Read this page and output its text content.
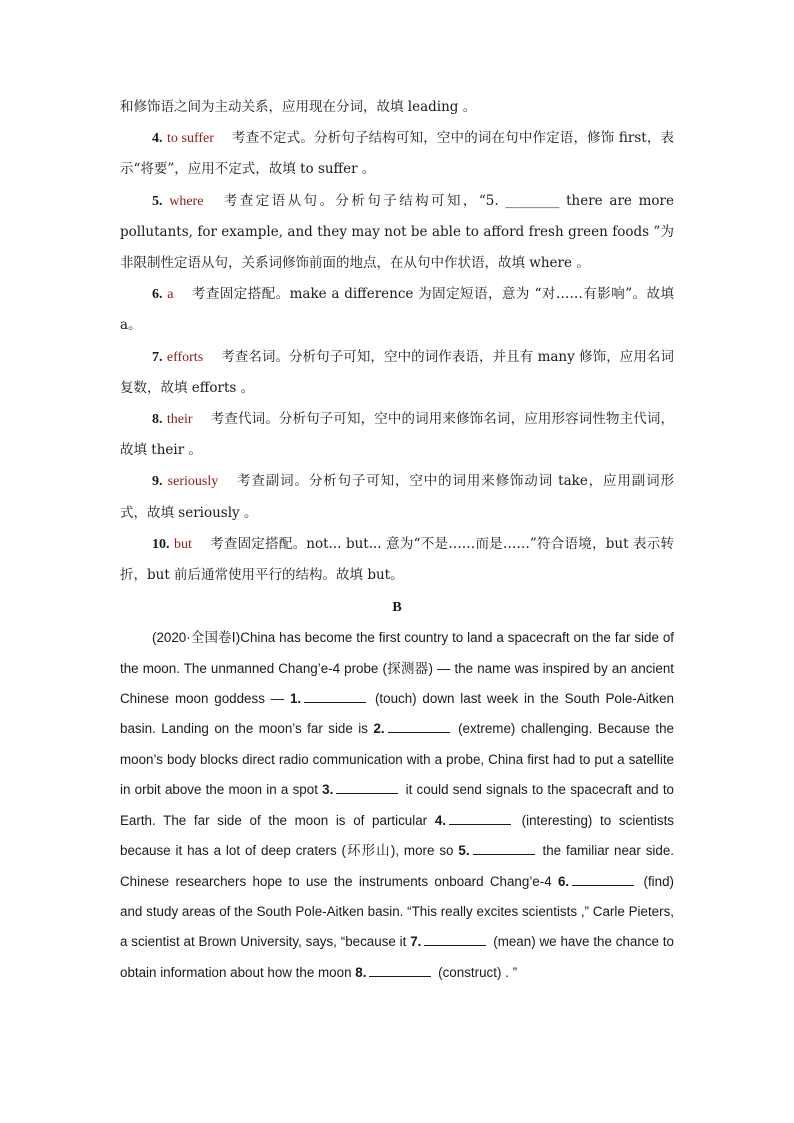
和修饰语之间为主动关系，应用现在分词，故填 leading 。

4. to suffer 考查不定式。分析句子结构可知，空中的词在句中作定语，修饰 first，表示“将要”，应用不定式，故填 to suffer 。

5. where 考查定语从句。分析句子结构可知，“5. ________ there are more pollutants, for example, and they may not be able to afford fresh green foods ”为非限制性定语从句，关系词修饰前面的地点，在从句中作状语，故填 where 。

6. a 考查固定搭配。make a difference 为固定短语，意为 “对……有影响”。故填 a。

7. efforts 考查名词。分析句子可知，空中的词作表语，并且有 many 修饰，应用名词复数，故填 efforts 。

8. their 考查代词。分析句子可知，空中的词用来修饰名词，应用形容词性物主代词，故填 their 。

9. seriously 考查副词。分析句子可知，空中的词用来修饰动词 take，应用副词形式，故填 seriously 。

10. but 考查固定搭配。not... but... 意为“不是……而是……”符合语境，but 表示转折，but 前后通常使用平行的结构。故填 but。

B

(2020·全国卷Ⅰ)China has become the first country to land a spacecraft on the far side of the moon. The unmanned Chang’e-4 probe (探测器) — the name was inspired by an ancient Chinese moon goddess — 1.	(touch) down last week in the South Pole-Aitken basin. Landing on the moon’s far side is 2.	(extreme) challenging. Because the moon’s body blocks direct radio communication with a probe, China first had to put a satellite in orbit above the moon in a spot 3.	it could send signals to the spacecraft and to Earth. The far side of the moon is of particular 4.	(interesting) to scientists because it has a lot of deep craters (环形山), more so 5.	the familiar near side. Chinese researchers hope to use the instruments onboard Chang’e-4 6.	(find) and study areas of the South Pole-Aitken basin. “This really excites scientists ,” Carle Pieters, a scientist at Brown University, says, “because it 7.	(mean) we have the chance to obtain information about how the moon 8.	(construct) . ”
